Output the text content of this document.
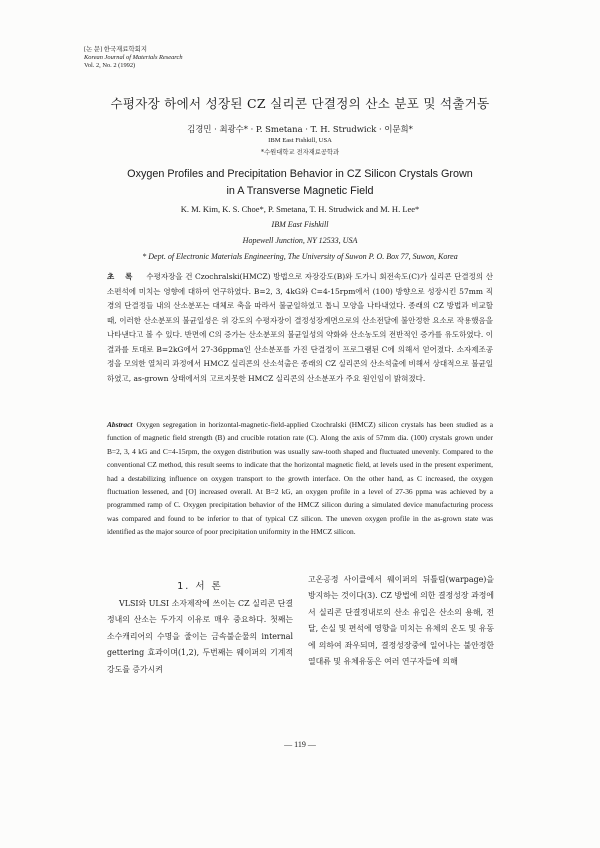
[논 문] 한국재료학회지
Korean Journal of Materials Research
Vol. 2, No. 2 (1992)
수평자장 하에서 성장된 CZ 실리콘 단결정의 산소 분포 및 석출거동
김경민 · 최광수* · P. Smetana · T. H. Strudwick · 이문희*
IBM East Fishkill, USA
*수원대학교 전자재료공학과
Oxygen Profiles and Precipitation Behavior in CZ Silicon Crystals Grown
in A Transverse Magnetic Field
K. M. Kim, K. S. Choe*, P. Smetana, T. H. Strudwick and M. H. Lee*
IBM East Fishkill
Hopewell Junction, NY 12533, USA
* Dept. of Electronic Materials Engineering, The University of Suwon P. O. Box 77, Suwon, Korea
초 록 수평자장을 건 Czochralski(HMCZ) 방법으로 자장강도(B)와 도가니 회전속도(C)가 실리콘 단결정의 산소편석에 미치는 영향에 대하여 연구하였다. B=2, 3, 4kG와 C=4-15rpm에서 (100) 방향으로 성장시킨 57mm 직경의 단결정들 내의 산소분포는 대체로 축을 따라서 불균일하였고 톱니 모양을 나타내었다. 종래의 CZ 방법과 비교할 때, 이러한 산소분포의 불균일성은 위 강도의 수평자장이 결정성장계면으로의 산소전달에 불안정한 요소로 작용했음을 나타낸다고 볼 수 있다. 반면에 C의 증가는 산소분포의 불균일성의 약화와 산소농도의 전반적인 증가를 유도하였다. 이 결과를 토대로 B=2kG에서 27-36ppma인 산소분포를 가진 단결정이 프로그램된 C에 의해서 얻어졌다. 소자제조공정을 모의한 열처리 과정에서 HMCZ 실리콘의 산소석출은 종래의 CZ 실리콘의 산소석출에 비해서 상대적으로 불균일하였고, as-grown 상태에서의 고르지못한 HMCZ 실리콘의 산소분포가 주요 원인임이 밝혀졌다.
Abstract Oxygen segregation in horizontal-magnetic-field-applied Czochralski (HMCZ) silicon crystals has been studied as a function of magnetic field strength (B) and crucible rotation rate (C). Along the axis of 57mm dia. (100) crystals grown under B=2, 3, 4 kG and C=4-15rpm, the oxygen distribution was usually saw-tooth shaped and fluctuated unevenly. Compared to the conventional CZ method, this result seems to indicate that the horizontal magnetic field, at levels used in the present experiment, had a destabilizing influence on oxygen transport to the growth interface. On the other hand, as C increased, the oxygen fluctuation lessened, and [O] increased overall. At B=2 kG, an oxygen profile in a level of 27-36 ppma was achieved by a programmed ramp of C. Oxygen precipitation behavior of the HMCZ silicon during a simulated device manufacturing process was compared and found to be inferior to that of typical CZ silicon. The uneven oxygen profile in the as-grown state was identified as the major source of poor precipitation uniformity in the HMCZ silicon.
1. 서 론

VLSI와 ULSI 소자제작에 쓰이는 CZ 실리콘 단결정내의 산소는 두가지 이유로 매우 중요하다. 첫째는 소수캐리어의 수명을 줄이는 금속불순물의 internal gettering 효과이며(1,2), 두번째는 웨이퍼의 기계적 강도를 증가시켜

고온공정 사이클에서 웨이퍼의 뒤틀림(warpage)을 방지하는 것이다(3). CZ 방법에 의한 결정성장 과정에서 실리콘 단결정내로의 산소 유입은 산소의 용해, 전달, 손실 및 편석에 영향을 미치는 유체의 온도 및 유동에 의하여 좌우되며, 결정성장중에 일어나는 불안정한 열대류 및 유체유동은 여러 연구자들에 의해

— 119 —
